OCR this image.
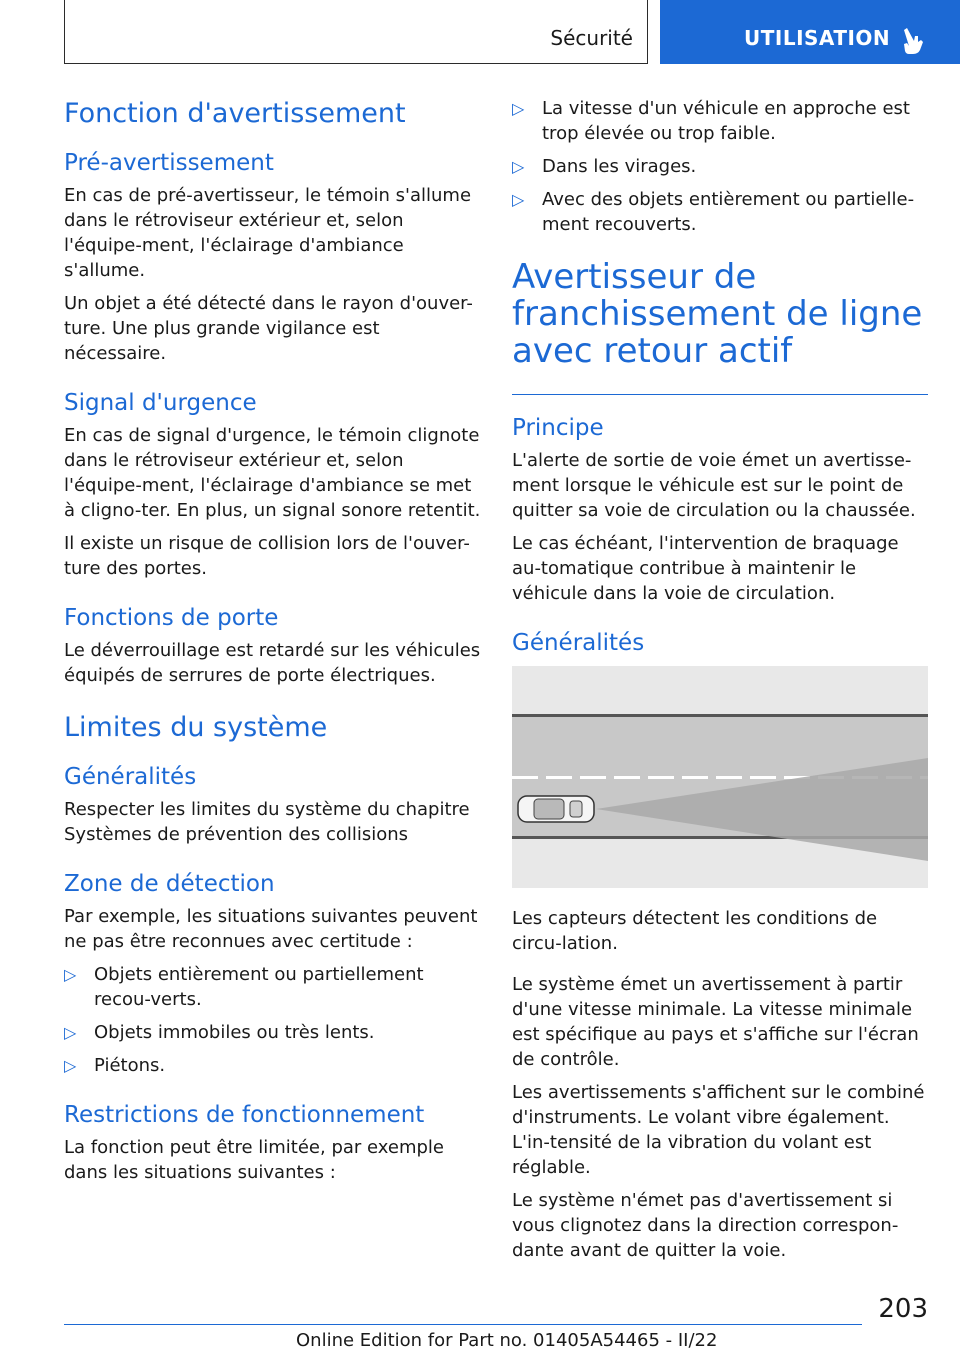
Sécurité	UTILISATION
Fonction d'avertissement
Pré-avertissement

En cas de pré-avertisseur, le témoin s'allume dans le rétroviseur extérieur et, selon l'équipe-ment, l'éclairage d'ambiance s'allume.

Un objet a été détecté dans le rayon d'ouver-ture. Une plus grande vigilance est nécessaire.

Signal d'urgence

En cas de signal d'urgence, le témoin clignote dans le rétroviseur extérieur et, selon l'équipe-ment, l'éclairage d'ambiance se met à cligno-ter. En plus, un signal sonore retentit.

Il existe un risque de collision lors de l'ouver-ture des portes.

Fonctions de porte

Le déverrouillage est retardé sur les véhicules équipés de serrures de porte électriques.

Limites du système
Généralités

Respecter les limites du système du chapitre Systèmes de prévention des collisions

Zone de détection

Par exemple, les situations suivantes peuvent ne pas être reconnues avec certitude :

▷ Objets entièrement ou partiellement recou-verts.
▷ Objets immobiles ou très lents.
▷ Piétons.
Restrictions de fonctionnement

La fonction peut être limitée, par exemple dans les situations suivantes :

▷ La vitesse d'un véhicule en approche est trop élevée ou trop faible.
▷ Dans les virages.
▷ Avec des objets entièrement ou partielle-ment recouverts.
Avertisseur de
franchissement de ligne
avec retour actif
Principe

L'alerte de sortie de voie émet un avertisse-ment lorsque le véhicule est sur le point de quitter sa voie de circulation ou la chaussée.

Le cas échéant, l'intervention de braquage au-tomatique contribue à maintenir le véhicule dans la voie de circulation.

Généralités

Les capteurs détectent les conditions de circu-lation.

Le système émet un avertissement à partir d'une vitesse minimale. La vitesse minimale est spécifique au pays et s'affiche sur l'écran de contrôle.

Les avertissements s'affichent sur le combiné d'instruments. Le volant vibre également. L'in-tensité de la vibration du volant est réglable.

Le système n'émet pas d'avertissement si vous clignotez dans la direction correspon-dante avant de quitter la voie.

203
Online Edition for Part no. 01405A54465 - II/22
